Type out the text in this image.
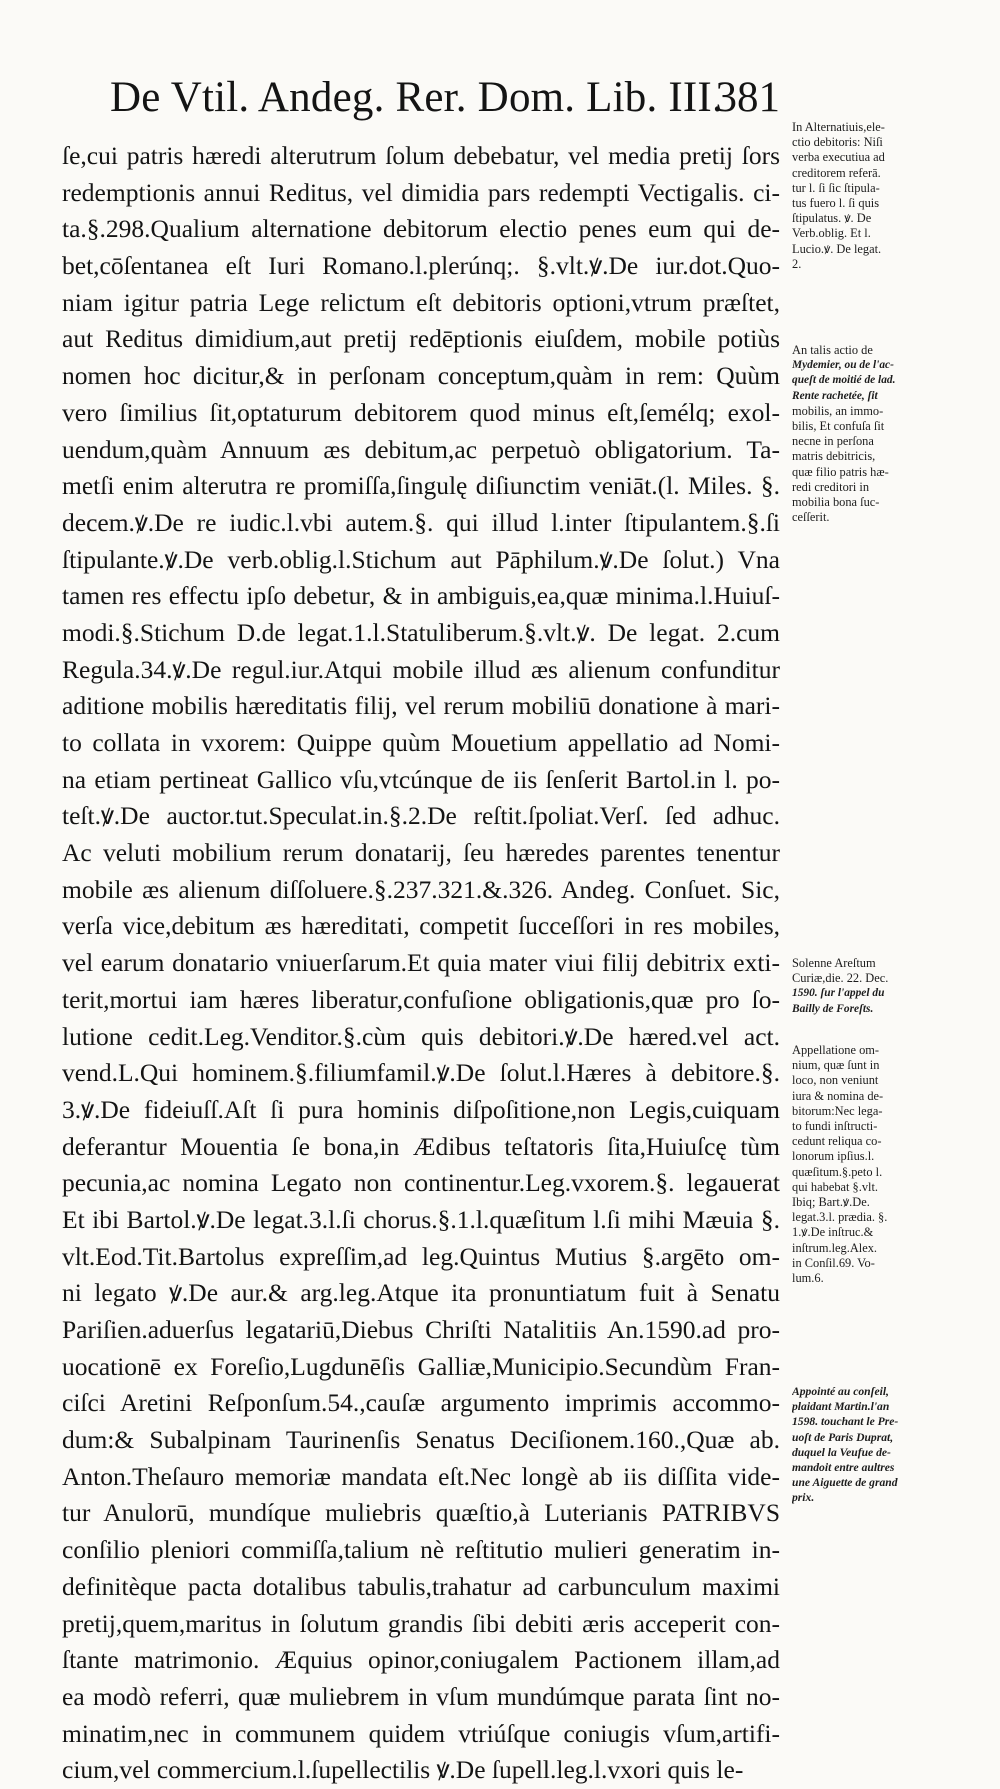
De Vtil. Andeg. Rer. Dom. Lib. III.
381
ſe,cui patris hæredi alterutrum ſolum debebatur, vel media pretij ſors
redemptionis annui Reditus, vel dimidia pars redempti Vectigalis. ci-
ta.§.298.Qualium alternatione debitorum electio penes eum qui de-
bet,cōſentanea eſt Iuri Romano.l.plerúnq;. §.vlt.ꝟ.De iur.dot.Quo-
niam igitur patria Lege relictum eſt debitoris optioni,vtrum præſtet,
aut Reditus dimidium,aut pretij redēptionis eiuſdem, mobile potiùs
nomen hoc dicitur,& in perſonam conceptum,quàm in rem: Quùm
vero ſimilius ſit,optaturum debitorem quod minus eſt,ſemélq; exol-
uendum,quàm Annuum æs debitum,ac perpetuò obligatorium. Ta-
metſi enim alterutra re promiſſa,ſingulę diſiunctim veniāt.(l. Miles. §.
decem.ꝟ.De re iudic.l.vbi autem.§. qui illud l.inter ſtipulantem.§.ſi
ſtipulante.ꝟ.De verb.oblig.l.Stichum aut Pāphilum.ꝟ.De ſolut.) Vna
tamen res effectu ipſo debetur, & in ambiguis,ea,quæ minima.l.Huiuſ-
modi.§.Stichum D.de legat.1.l.Statuliberum.§.vlt.ꝟ. De legat. 2.cum
Regula.34.ꝟ.De regul.iur.Atqui mobile illud æs alienum confunditur
aditione mobilis hæreditatis filij, vel rerum mobiliū donatione à mari-
to collata in vxorem: Quippe quùm Mouetium appellatio ad Nomi-
na etiam pertineat Gallico vſu,vtcúnque de iis ſenſerit Bartol.in l. po-
teſt.ꝟ.De auctor.tut.Speculat.in.§.2.De reſtit.ſpoliat.Verſ. ſed adhuc.
Ac veluti mobilium rerum donatarij, ſeu hæredes parentes tenentur
mobile æs alienum diſſoluere.§.237.321.&.326. Andeg. Conſuet. Sic,
verſa vice,debitum æs hæreditati, competit ſucceſſori in res mobiles,
vel earum donatario vniuerſarum.Et quia mater viui filij debitrix exti-
terit,mortui iam hæres liberatur,confuſione obligationis,quæ pro ſo-
lutione cedit.Leg.Venditor.§.cùm quis debitori.ꝟ.De hæred.vel act.
vend.L.Qui hominem.§.filiumfamil.ꝟ.De ſolut.l.Hæres à debitore.§.
3.ꝟ.De fideiuſſ.Aſt ſi pura hominis diſpoſitione,non Legis,cuiquam
deferantur Mouentia ſe bona,in Ædibus teſtatoris ſita,Huiuſcę tùm
pecunia,ac nomina Legato non continentur.Leg.vxorem.§. legauerat
Et ibi Bartol.ꝟ.De legat.3.l.ſi chorus.§.1.l.quæſitum l.ſi mihi Mæuia §.
vlt.Eod.Tit.Bartolus expreſſim,ad leg.Quintus Mutius §.argēto om-
ni legato ꝟ.De aur.& arg.leg.Atque ita pronuntiatum fuit à Senatu
Pariſien.aduerſus legatariū,Diebus Chriſti Natalitiis An.1590.ad pro-
uocationē ex Foreſio,Lugdunēſis Galliæ,Municipio.Secundùm Fran-
ciſci Aretini Reſponſum.54.,cauſæ argumento imprimis accommo-
dum:& Subalpinam Taurinenſis Senatus Deciſionem.160.,Quæ ab.
Anton.Theſauro memoriæ mandata eſt.Nec longè ab iis diſſita vide-
tur Anulorū, mundíque muliebris quæſtio,à Luterianis PATRIBVS
conſilio pleniori commiſſa,talium nè reſtitutio mulieri generatim in-
definitèque pacta dotalibus tabulis,trahatur ad carbunculum maximi
pretij,quem,maritus in ſolutum grandis ſibi debiti æris acceperit con-
ſtante matrimonio. Æquius opinor,coniugalem Pactionem illam,ad
ea modò referri, quæ muliebrem in vſum mundúmque parata ſint no-
minatim,nec in communem quidem vtriúſque coniugis vſum,artifi-
cium,vel commercium.l.ſupellectilis ꝟ.De ſupell.leg.l.vxori quis le-
In Alternatiuis,ele-
ctio debitoris: Niſi
verba executiua ad
creditorem referā.
tur l. ſi ſic ſtipula-
tus fuero l. ſi quis
ſtipulatus. ꝟ. De
Verb.oblig. Et l.
Lucio.ꝟ. De legat.
2.
An talis actio de
Mydemier, ou de l'ac-
queſt de moitié de lad.
Rente rachetée, ſit
mobilis, an immo-
bilis, Et confuſa ſit
necne in perſona
matris debitricis,
quæ filio patris hæ-
redi creditori in
mobilia bona ſuc-
ceſſerit.
Solenne Areſtum
Curiæ,die. 22. Dec.
1590. ſur l'appel du
Bailly de Foreſts.
Appellatione om-
nium, quæ ſunt in
loco, non veniunt
iura & nomina de-
bitorum:Nec lega-
to fundi inſtructi-
cedunt reliqua co-
lonorum ipſius.l.
quæſitum.§.peto l.
qui habebat §.vlt.
Ibiq; Bart.ꝟ.De.
legat.3.l. prædia. §.
1.ꝟ.De inſtruc.&
inſtrum.leg.Alex.
in Conſil.69. Vo-
lum.6.
Appointé au conſeil,
plaidant Martin.l'an
1598. touchant le Pre-
uoſt de Paris Duprat,
duquel la Veufue de-
mandoit entre aultres
une Aiguette de grand
prix.
